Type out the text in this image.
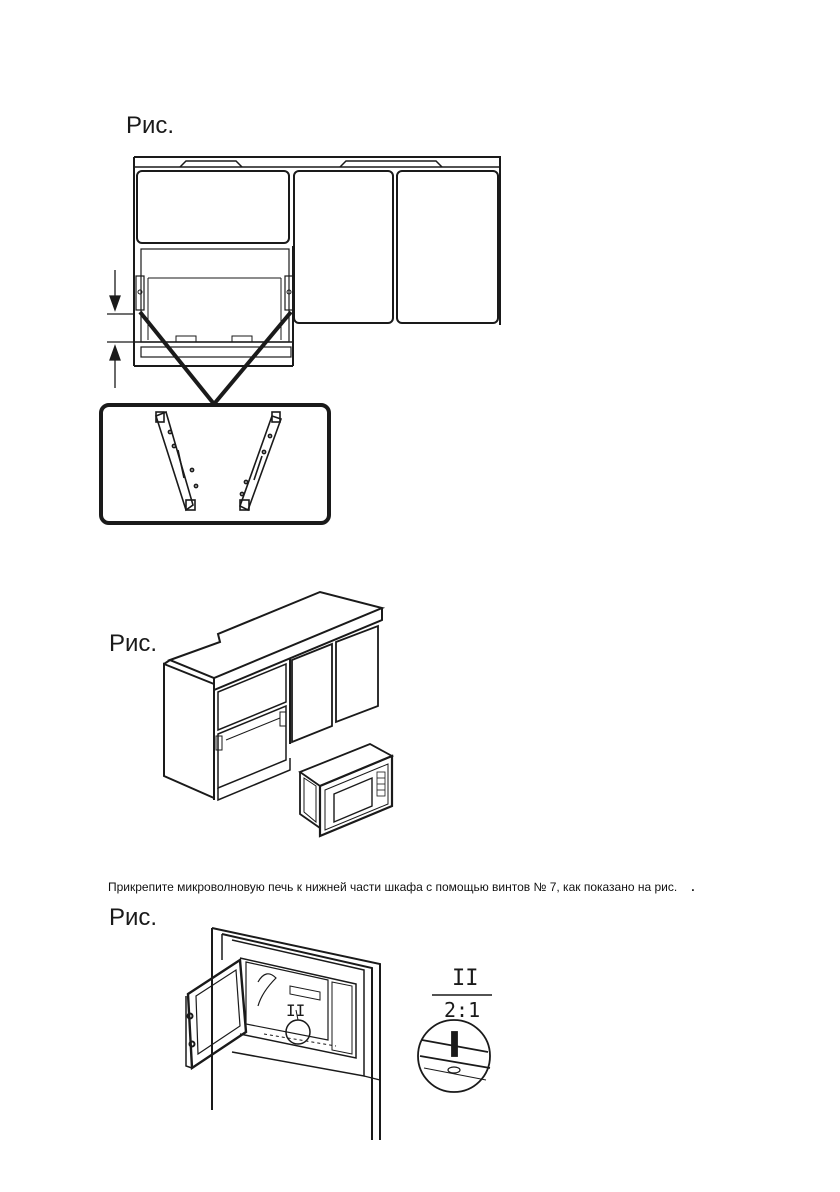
Рис.
Рис.
Прикрепите микроволновую печь к нижней части шкафа с помощью винтов № 7, как показано на рис. .
Рис.
II
II
2:1
